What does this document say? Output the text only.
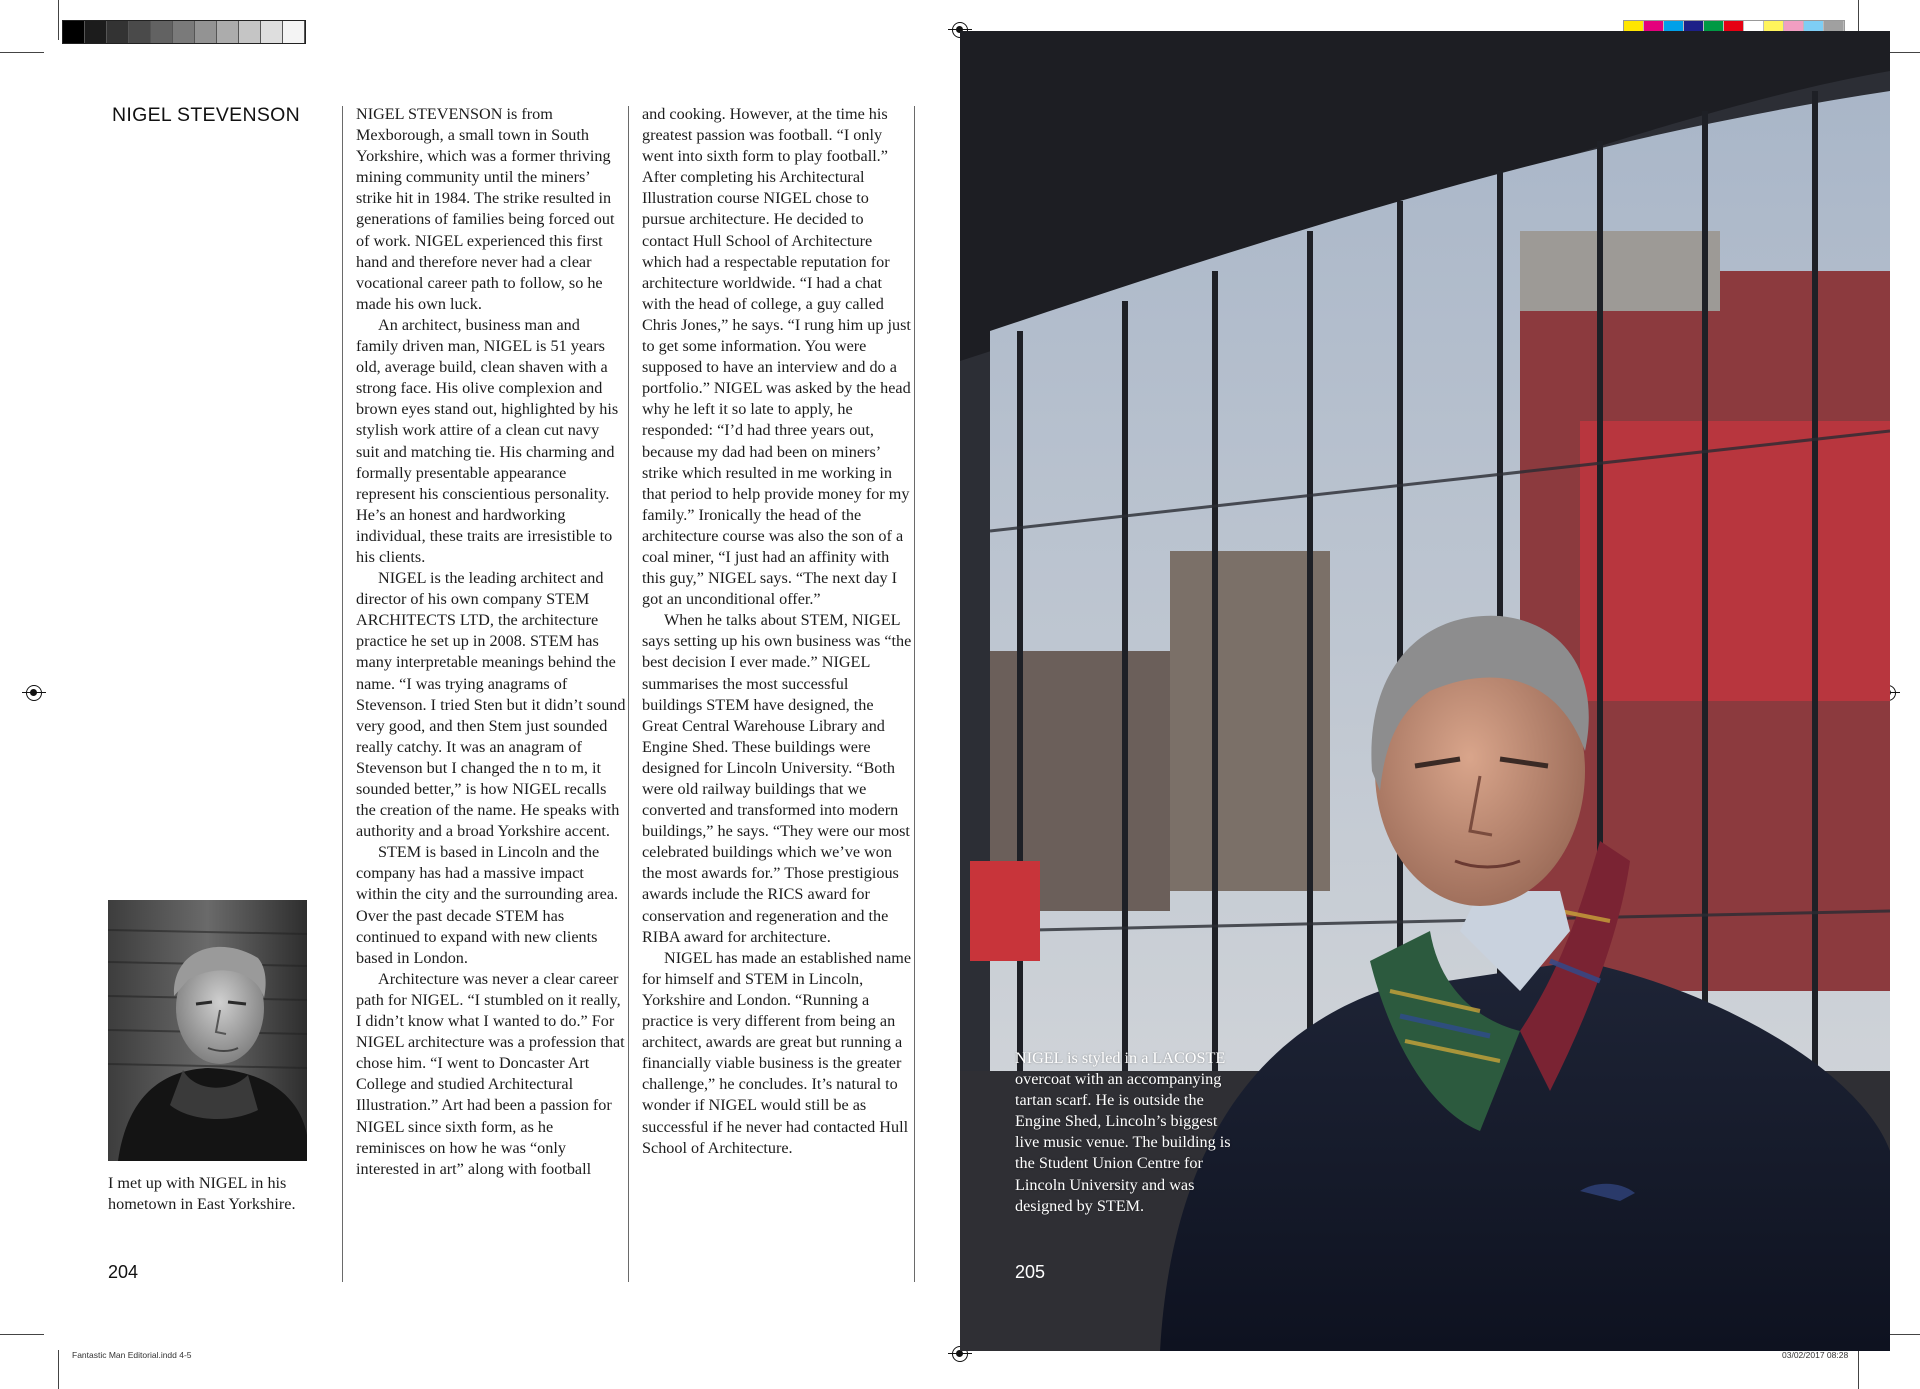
NIGEL STEVENSON	NIGEL STEVENSON is from Mexborough, a small town in South Yorkshire, which was a former thriving mining community until the miners’ strike hit in 1984. The strike resulted in generations of families being forced out of work. NIGEL experienced this first hand and therefore never had a clear vocational career path to follow, so he made his own luck.

An architect, business man and family driven man, NIGEL is 51 years old, average build, clean shaven with a strong face. His olive complexion and brown eyes stand out, highlighted by his stylish work attire of a clean cut navy suit and matching tie. His charming and formally presentable appearance represent his conscientious personality. He’s an honest and hardworking individual, these traits are irresistible to his clients.

NIGEL is the leading architect and director of his own company STEM ARCHITECTS LTD, the architecture practice he set up in 2008. STEM has many interpretable meanings behind the name. “I was trying anagrams of Stevenson. I tried Sten but it didn’t sound very good, and then Stem just sounded really catchy. It was an anagram of Stevenson but I changed the n to m, it sounded better,” is how NIGEL recalls the creation of the name. He speaks with authority and a broad Yorkshire accent.

STEM is based in Lincoln and the company has had a massive impact within the city and the surrounding area. Over the past decade STEM has continued to expand with new clients based in London.

Architecture was never a clear career path for NIGEL. “I stumbled on it really, I didn’t know what I wanted to do.” For NIGEL architecture was a profession that chose him. “I went to Doncaster Art College and studied Architectural Illustration.” Art had been a passion for NIGEL since sixth form, as he reminisces on how he was “only interested in art” along with football

and cooking. However, at the time his greatest passion was football. “I only went into sixth form to play football.” After completing his Architectural Illustration course NIGEL chose to pursue architecture. He decided to contact Hull School of Architecture which had a respectable reputation for architecture worldwide. “I had a chat with the head of college, a guy called Chris Jones,” he says. “I rung him up just to get some information. You were supposed to have an interview and do a portfolio.” NIGEL was asked by the head why he left it so late to apply, he responded: “I’d had three years out, because my dad had been on miners’ strike which resulted in me working in that period to help provide money for my family.” Ironically the head of the architecture course was also the son of a coal miner, “I just had an affinity with this guy,” NIGEL says. “The next day I got an unconditional offer.”

When he talks about STEM, NIGEL says setting up his own business was “the best decision I ever made.” NIGEL summarises the most successful buildings STEM have designed, the Great Central Warehouse Library and Engine Shed. These buildings were designed for Lincoln University. “Both were old railway buildings that we converted and transformed into modern buildings,” he says. “They were our most celebrated buildings which we’ve won the most awards for.” Those prestigious awards include the RICS award for conservation and regeneration and the RIBA award for architecture.

NIGEL has made an established name for himself and STEM in Lincoln, Yorkshire and London. “Running a practice is very different from being an architect, awards are great but running a financially viable business is the greater challenge,” he concludes. It’s natural to wonder if NIGEL would still be as successful if he never had contacted Hull School of Architecture.

I met up with NIGEL in his hometown in East Yorkshire.
204
NIGEL is styled in a LACOSTE overcoat with an accompanying tartan scarf. He is outside the Engine Shed, Lincoln’s biggest live music venue. The building is the Student Union Centre for Lincoln University and was designed by STEM.
205
Fantastic Man Editorial.indd 4-5	03/02/2017 08:28
